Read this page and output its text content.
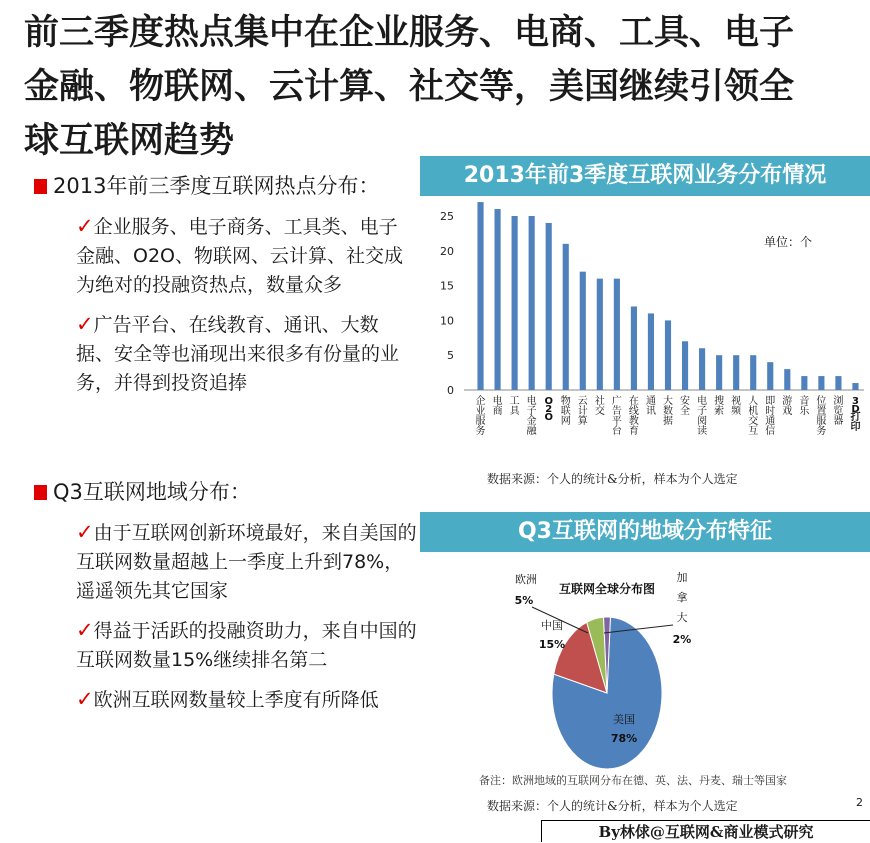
前三季度热点集中在企业服务、电商、工具、电子
金融、物联网、云计算、社交等，美国继续引领全
球互联网趋势
2013年前三季度互联网热点分布：
✓企业服务、电子商务、工具类、电子金融、O2O、物联网、云计算、社交成为绝对的投融资热点，数量众多
✓广告平台、在线教育、通讯、大数据、安全等也涌现出来很多有份量的业务，并得到投资追捧
Q3互联网地域分布：
✓由于互联网创新环境最好，来自美国的互联网数量超越上一季度上升到78%，遥遥领先其它国家
✓得益于活跃的投融资助力，来自中国的互联网数量15%继续排名第二
✓欧洲互联网数量较上季度有所降低
2013年前3季度互联网业务分布情况
0
5
10
15
20
25
企业服务
电商
工具
电子金融
O 2 O
物联网
云计算
社交
广告平台
在线教育
通讯
大数据
安全
电子阅读
搜索
视频
人机交互
即时通信
游戏
音乐
位置服务
浏览器
3 D 打印
单位：个
数据来源：个人的统计&分析，样本为个人选定
Q3互联网的地域分布特征
互联网全球分布图
美国
78%
中国
15%
欧洲
5%
加
拿
大
2%
备注：欧洲地域的互联网分布在德、英、法、丹麦、瑞士等国家
数据来源：个人的统计&分析，样本为个人选定	2
By林俅@互联网&商业模式研究
